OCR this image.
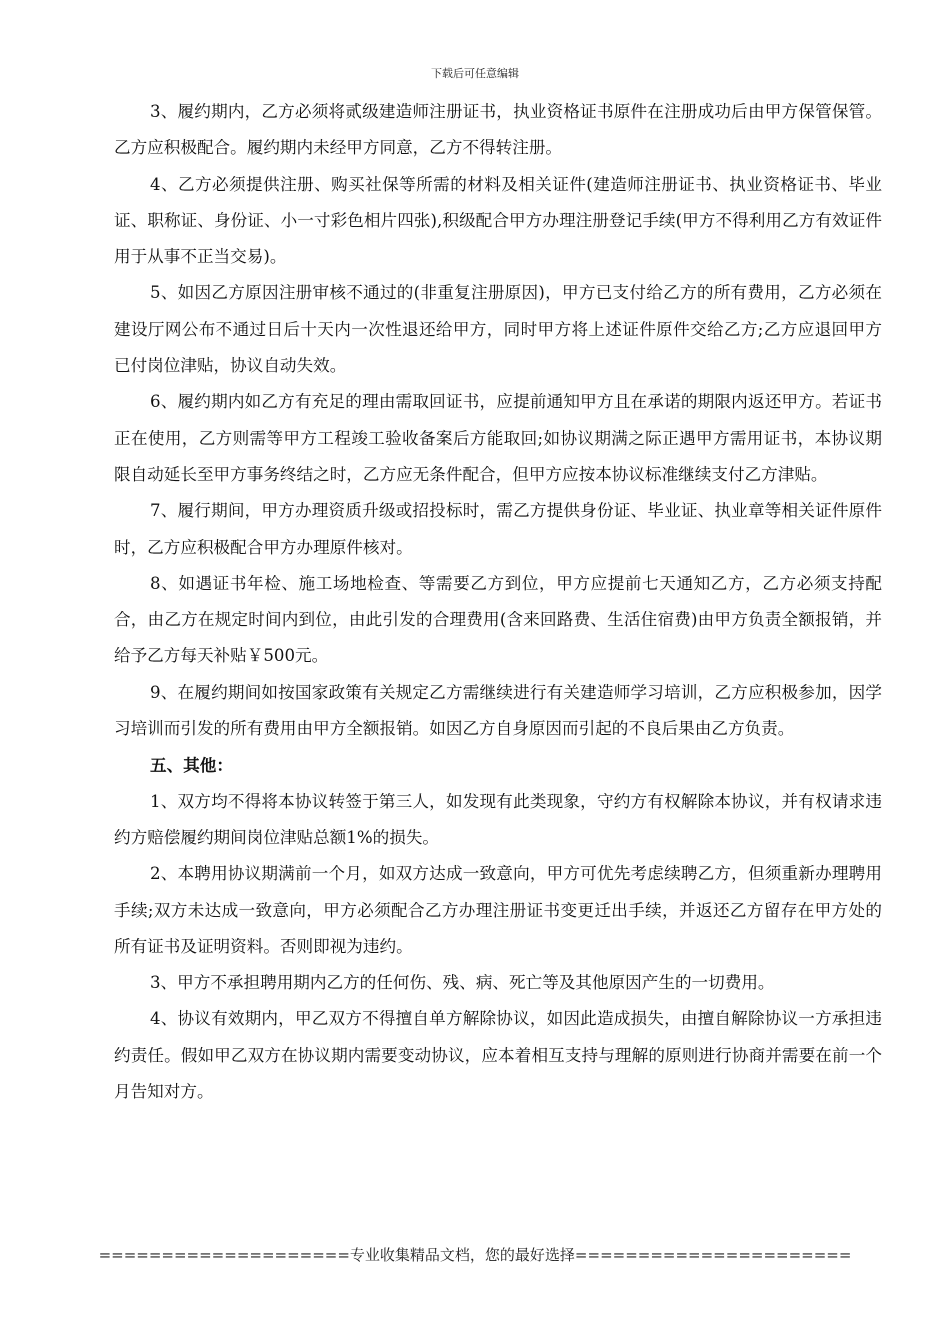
下载后可任意编辑

3、履约期内，乙方必须将贰级建造师注册证书，执业资格证书原件在注册成功后由甲方保管保管。乙方应积极配合。履约期内未经甲方同意，乙方不得转注册。

4、乙方必须提供注册、购买社保等所需的材料及相关证件(建造师注册证书、执业资格证书、毕业证、职称证、身份证、小一寸彩色相片四张),积级配合甲方办理注册登记手续(甲方不得利用乙方有效证件用于从事不正当交易)。

5、如因乙方原因注册审核不通过的(非重复注册原因)，甲方已支付给乙方的所有费用，乙方必须在建设厅网公布不通过日后十天内一次性退还给甲方，同时甲方将上述证件原件交给乙方;乙方应退回甲方已付岗位津贴，协议自动失效。

6、履约期内如乙方有充足的理由需取回证书，应提前通知甲方且在承诺的期限内返还甲方。若证书正在使用，乙方则需等甲方工程竣工验收备案后方能取回;如协议期满之际正遇甲方需用证书，本协议期限自动延长至甲方事务终结之时，乙方应无条件配合，但甲方应按本协议标准继续支付乙方津贴。

7、履行期间，甲方办理资质升级或招投标时，需乙方提供身份证、毕业证、执业章等相关证件原件时，乙方应积极配合甲方办理原件核对。

8、如遇证书年检、施工场地检查、等需要乙方到位，甲方应提前七天通知乙方，乙方必须支持配合，由乙方在规定时间内到位，由此引发的合理费用(含来回路费、生活住宿费)由甲方负责全额报销，并给予乙方每天补贴￥500元。

9、在履约期间如按国家政策有关规定乙方需继续进行有关建造师学习培训，乙方应积极参加，因学习培训而引发的所有费用由甲方全额报销。如因乙方自身原因而引起的不良后果由乙方负责。

五、其他：

1、双方均不得将本协议转签于第三人，如发现有此类现象，守约方有权解除本协议，并有权请求违约方赔偿履约期间岗位津贴总额1%的损失。

2、本聘用协议期满前一个月，如双方达成一致意向，甲方可优先考虑续聘乙方，但须重新办理聘用手续;双方未达成一致意向，甲方必须配合乙方办理注册证书变更迁出手续，并返还乙方留存在甲方处的所有证书及证明资料。否则即视为违约。

3、甲方不承担聘用期内乙方的任何伤、残、病、死亡等及其他原因产生的一切费用。

4、协议有效期内，甲乙双方不得擅自单方解除协议，如因此造成损失，由擅自解除协议一方承担违约责任。假如甲乙双方在协议期内需要变动协议，应本着相互支持与理解的原则进行协商并需要在前一个月告知对方。

====================专业收集精品文档，您的最好选择======================
